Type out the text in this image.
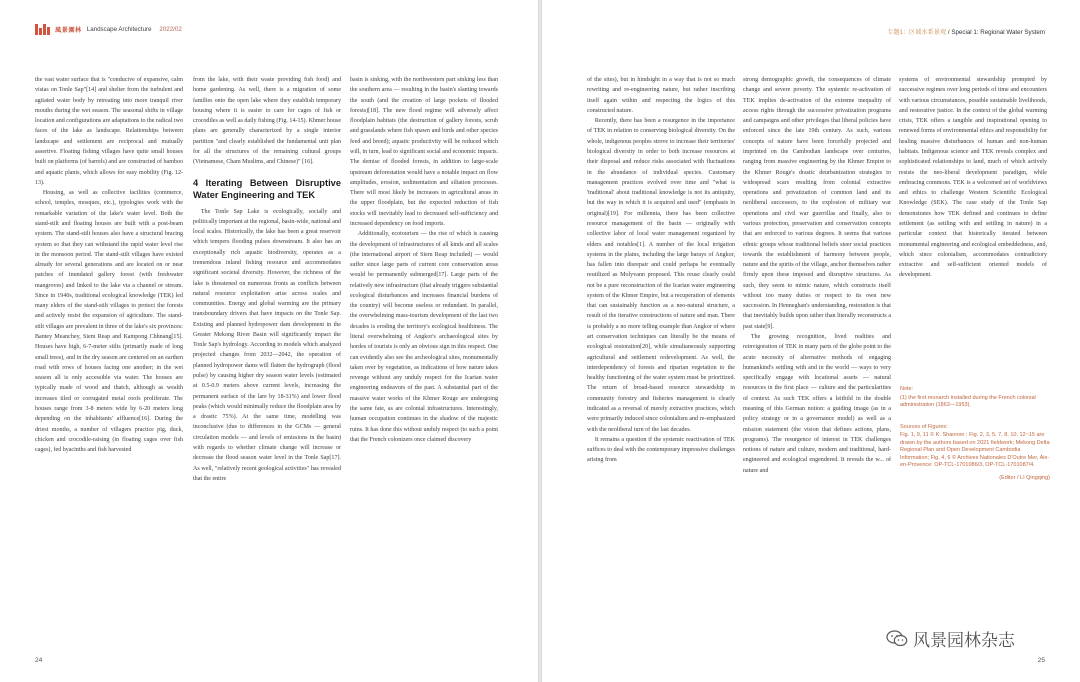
風景園林 Landscape Architecture 2022/02

the vast water surface that is "conducive of expansive, calm vistas on Tonle Sap"[14] and shelter from the turbulent and agitated water body by retreating into more tranquil river mouths during the wet season. The seasonal shifts in village location and configurations are adaptations to the radical two faces of the lake as landscape. Relationships between landscape and settlement are reciprocal and mutually assertive. Floating fishing villages have quite small houses built on platforms (of barrels) and are constructed of bamboo and aquatic plants, which allows for easy mobility (Fig. 12-13).

Housing, as well as collective facilities (commerce, school, temples, mosques, etc.), typologies work with the remarkable variation of the lake's water level. Both the stand-stilt and floating houses are built with a post-beam system. The stand-stilt houses also have a structural bracing system so that they can withstand the rapid water level rise in the monsoon period. The stand-stilt villages have existed already for several generations and are located on or near patches of inundated gallery forest (with freshwater mangroves) and linked to the lake via a channel or stream. Since in 1940s, traditional ecological knowledge (TEK) led many elders of the stand-stilt villages to protect the forests and actively resist the expansion of agriculture. The stand-stilt villages are prevalent in three of the lake's six provinces: Bantey Meanchey, Siem Reap and Kampong Chhnang[15]. Houses have high, 6-7-meter stilts (primarily made of long small trees), and in the dry season are centered on an earthen road with rows of houses facing one another; in the wet season all is only accessible via water. The houses are typically made of wood and thatch, although as wealth increases tiled or corrugated metal roofs proliferate. The houses range from 3-8 meters wide by 6-20 meters long depending on the inhabitants' affluence[16]. During the driest months, a number of villagers practice pig, duck, chicken and crocodile-raising (in floating cages over fish cages), fed hyacinths and fish harvested

from the lake, with their waste providing fish food) and home gardening. As well, there is a migration of some families onto the open lake where they establish temporary housing where it is easier to care for cages of fish or crocodiles as well as daily fishing (Fig. 14-15). Khmer house plans are generally characterized by a single interior partition "and clearly established the fundamental unit plan for all the structures of the remaining cultural groups (Vietnamese, Cham Muslims, and Chinese)" [16].

4 Iterating Between Disruptive Water Engineering and TEK

The Tonle Sap Lake is ecologically, socially and politically important at the regional, basin-wide, national and local scales. Historically, the lake has been a great reservoir which tempers flooding pulses downstream. It also has an exceptionally rich aquatic biodiversity, operates as a tremendous inland fishing resource and accommodates significant societal diversity. However, the richness of the lake is threatened on numerous fronts as conflicts between natural resource exploitation arise across scales and communities. Energy and global warming are the primary transboundary drivers that have impacts on the Tonle Sap. Existing and planned hydropower dam development in the Greater Mekong River Basin will significantly impact the Tonle Sap's hydrology. According to models which analyzed projected changes from 2032—2042, the operation of planned hydropower dams will flatten the hydrograph (flood pulse) by causing higher dry season water levels (estimated at 0.5-0.9 meters above current levels, increasing the permanent surface of the lare by 18-31%) and lower flood peaks (which would minimally reduce the floodplain area by a drastic 75%). At the same time, modelling was inconclusive (due to differences in the GCMs — general circulation models — and levels of emissions in the basin) with regards to whether climate change will increase or decrease the flood season water level in the Tonle Sap[17]. As well, "relatively recent geological activities" has revealed that the entire

basin is sinking, with the northwestern part sinking less than the southern area — resulting in the basin's slanting towards the south (and the creation of large pockets of flooded forests)[18]. The new flood regime will adversely affect floodplain habitats (the destruction of gallery forests, scrub and grasslands where fish spawn and birds and other species feed and breed); aquatic productivity will be reduced which will, in turn, lead to significant social and economic impacts. The demise of flooded forests, in addition to large-scale upstream deforestation would have a notable impact on flow amplitudes, erosion, sedimentation and siltation processes. There will most likely be increases in agricultural areas in the upper floodplain, but the expected reduction of fish stocks will inevitably lead to decreased self-sufficiency and increased dependency on food imports.

Additionally, ecotourism — the rise of which is causing the development of infrastructures of all kinds and all scales (the international airport of Siem Reap included) — would suffer since large parts of current core conservation areas would be permanently submerged[17]. Large parts of the relatively new infrastructure (that already triggers substantial ecological disturbances and increases financial burdens of the country) will become useless or redundant. In parallel, the overwhelming mass-tourism development of the last two decades is eroding the territory's ecological healthiness. The literal overwhelming of Angkor's archaeological sites by hordes of tourists is only an obvious sign in this respect. One can evidently also see the archeological sites, monumentally taken over by vegetation, as indications of how nature takes revenge without any unduly respect for the Icarian water engineering endeavors of the past. A substantial part of the massive water works of the Khmer Rouge are undergoing the same fate, as are colonial infrastructures. Interestingly, human occupation continues in the shadow of the majestic ruins. It has done this without unduly respect (to such a point that the French colonizers once claimed discovery

24
专题1：区域水系景观 / Special 1: Regional Water System

of the sites), but in hindsight in a way that is not so much rewriting and re-engineering nature, but rather inscribing itself again within and respecting the logics of this constructed nature.

Recently, there has been a resurgence in the importance of TEK in relation to conserving biological diversity. On the whole, indigenous peoples strove to increase their territories' biological diversity in order to both increase resources at their disposal and reduce risks associated with fluctuations in the abundance of individual species. Customary management practices evolved over time and "what is 'traditional' about traditional knowledge is not its antiquity, but the way in which it is acquired and used" (emphasis in original)[19]. For millennia, there has been collective resource management of the basin — originally with collective labor of local water management organized by elders and notables[1]. A number of the local irrigation systems in the plains, including the large barays of Angkor, has fallen into disrepair and could perhaps be eventually reutilized as Molyvann proposed. This reuse clearly could not be a pure reconstruction of the Icarian water engineering system of the Khmer Empire, but a recuperation of elements that can sustainably function as a neo-natural structure, a result of the iterative constructions of nature and man. There is probably a no more telling example than Angkor of where art conservation techniques can literally be the means of ecological restoration[20], while simultaneously supporting agricultural and settlement redevelopment. As well, the interdependency of forests and riparian vegetation to the healthy functioning of the water system must be prioritized. The return of broad-based resource stewardship in community forestry and fisheries management is clearly indicated as a reversal of merely extractive practices, which were primarily induced since colonialism and re-emphasized with the neoliberal turn of the last decades.

It remains a question if the systemic reactivation of TEK suffices to deal with the contemporary impressive challenges arising from

strong demographic growth, the consequences of climate change and severe poverty. The systemic re-activation of TEK implies de-activation of the extreme inequality of access rights through the successive privatization programs and campaigns and other privileges that liberal policies have enforced since the late 19th century. As such, various concepts of nature have been forcefully projected and imprinted on the Cambodian landscape over centuries, ranging from massive engineering by the Khmer Empire to the Khmer Rouge's drastic deurbanization strategies to widespread scars resulting from colonial extractive operations and privatization of common land and its neoliberal successors, to the explosion of military war operations and civil war guerrillas and finally, also to various protection, preservation and conservation concepts that are enforced to various degrees. It seems that various ethnic groups whose traditional beliefs steer social practices towards the establishment of harmony between people, nature and the spirits of the village, anchor themselves rather firmly upon these imposed and disruptive structures. As such, they seem to mimic nature, which constructs itself without too many duties or respect to its own new succession. In Henneghan's understanding, restoration is that that inevitably builds upon rather than literally reconstructs a past state[9].

The growing recognition, lived realities and reinvigoration of TEK in many parts of the globe point to the acute necessity of alternative methods of engaging humankind's settling with and in the world — ways to very specifically engage with locational assets — natural resources in the first place — culture and the particularities of context. As such TEK offers a leitbild in the double meaning of this German notion: a guiding image (as in a policy strategy or in a governance model) as well as a mission statement (the vision that defines actions, plans, programs). The resurgence of interest in TEK challenges notions of nature and culture, modern and traditional, hard-engineered and ecological engendered. It reveals the w... of nature and

systems of environmental stewardship prompted by successive regimes over long periods of time and encounters with various circumstances, possible sustainable livelihoods, and restorative justice. In the context of the global warming crisis, TEK offers a tangible and inspirational opening to renewed forms of environmental ethics and responsibility for healing massive disturbances of human and non-human habitats. Indigenous science and TEK reveals complex and sophisticated relationships to land, much of which actively resists the neo-liberal development paradigm, while embracing commons. TEK is a welcomed set of worldviews and ethics to challenge Western Scientific Ecological Knowledge (SEK). The case study of the Tonle Sap demonstrates how TEK defined and continues to define settlement (as settling with and settling in nature) in a particular context that historically iterated between monumental engineering and ecological embeddedness, and, which since colonialism, accommodates contradictory extractive and self-sufficient oriented models of development.

25
Note:
(1) the first monarch installed during the French colonial administration (1863—1953).
Sources of Figures:
Fig. 1, 9, 11 © K. Shannon ; Fig. 2, 3, 5, 7, 8, 10, 12~15 are drawn by the authors based on 2021 fieldwork; Mekong Delta Regional Plan and Open Development Cambodia Information; Fig. 4, 6 © Archives Nationales D'Outre Mer, Aix-en-Provence: OP-TCL-1701086/3, OP-TCL-1701087/4.
(Editor / LI Qingqing)
风景园林杂志
